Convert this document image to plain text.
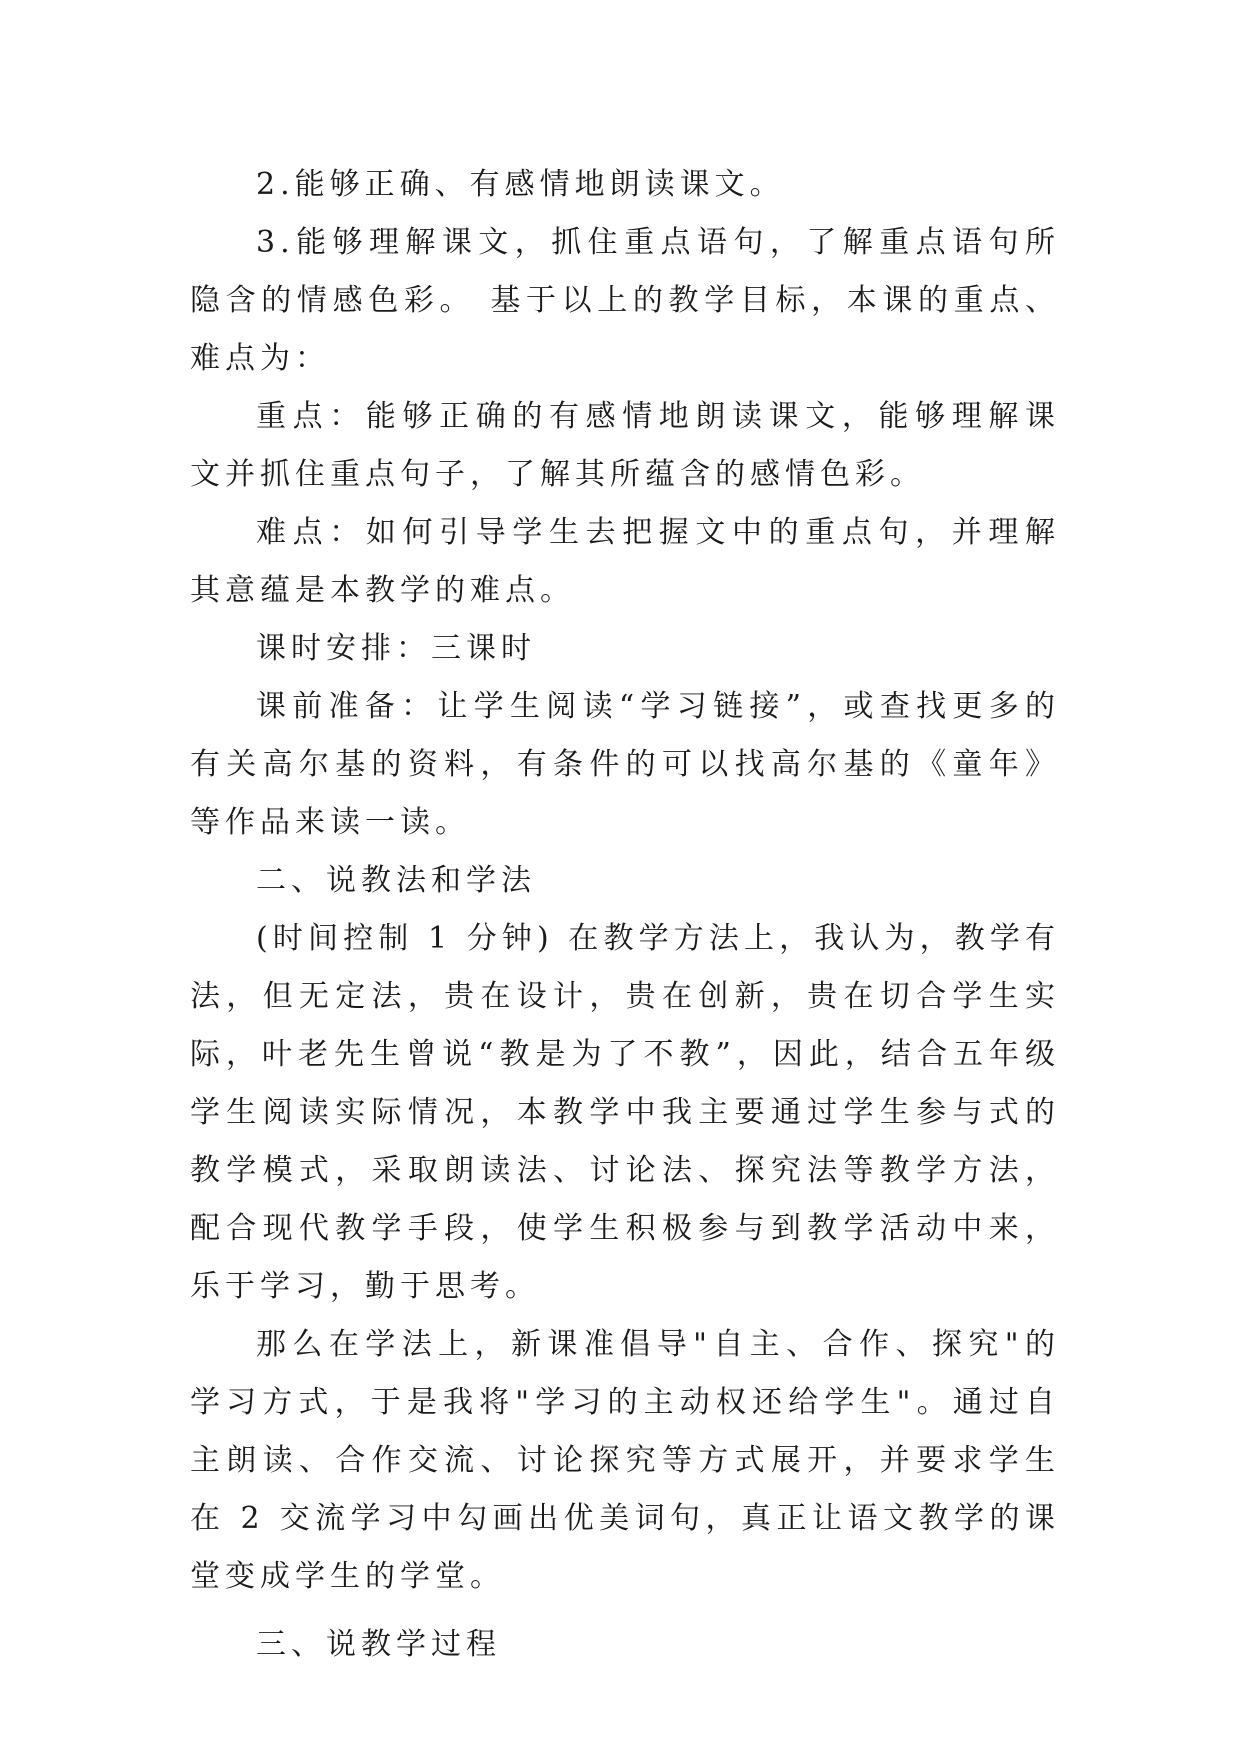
2.能够正确、有感情地朗读课文。

3.能够理解课文，抓住重点语句，了解重点语句所隐含的情感色彩。 基于以上的教学目标，本课的重点、难点为：

重点：能够正确的有感情地朗读课文，能够理解课文并抓住重点句子，了解其所蕴含的感情色彩。

难点：如何引导学生去把握文中的重点句，并理解其意蕴是本教学的难点。

课时安排：三课时

课前准备：让学生阅读“学习链接”，或查找更多的有关高尔基的资料，有条件的可以找高尔基的《童年》等作品来读一读。

二、说教法和学法

(时间控制 1 分钟) 在教学方法上，我认为，教学有法，但无定法，贵在设计，贵在创新，贵在切合学生实际，叶老先生曾说“教是为了不教”，因此，结合五年级学生阅读实际情况，本教学中我主要通过学生参与式的教学模式，采取朗读法、讨论法、探究法等教学方法，配合现代教学手段，使学生积极参与到教学活动中来，乐于学习，勤于思考。

那么在学法上，新课准倡导"自主、合作、探究"的学习方式，于是我将"学习的主动权还给学生"。通过自主朗读、合作交流、讨论探究等方式展开，并要求学生在 2 交流学习中勾画出优美词句，真正让语文教学的课堂变成学生的学堂。

三、说教学过程
